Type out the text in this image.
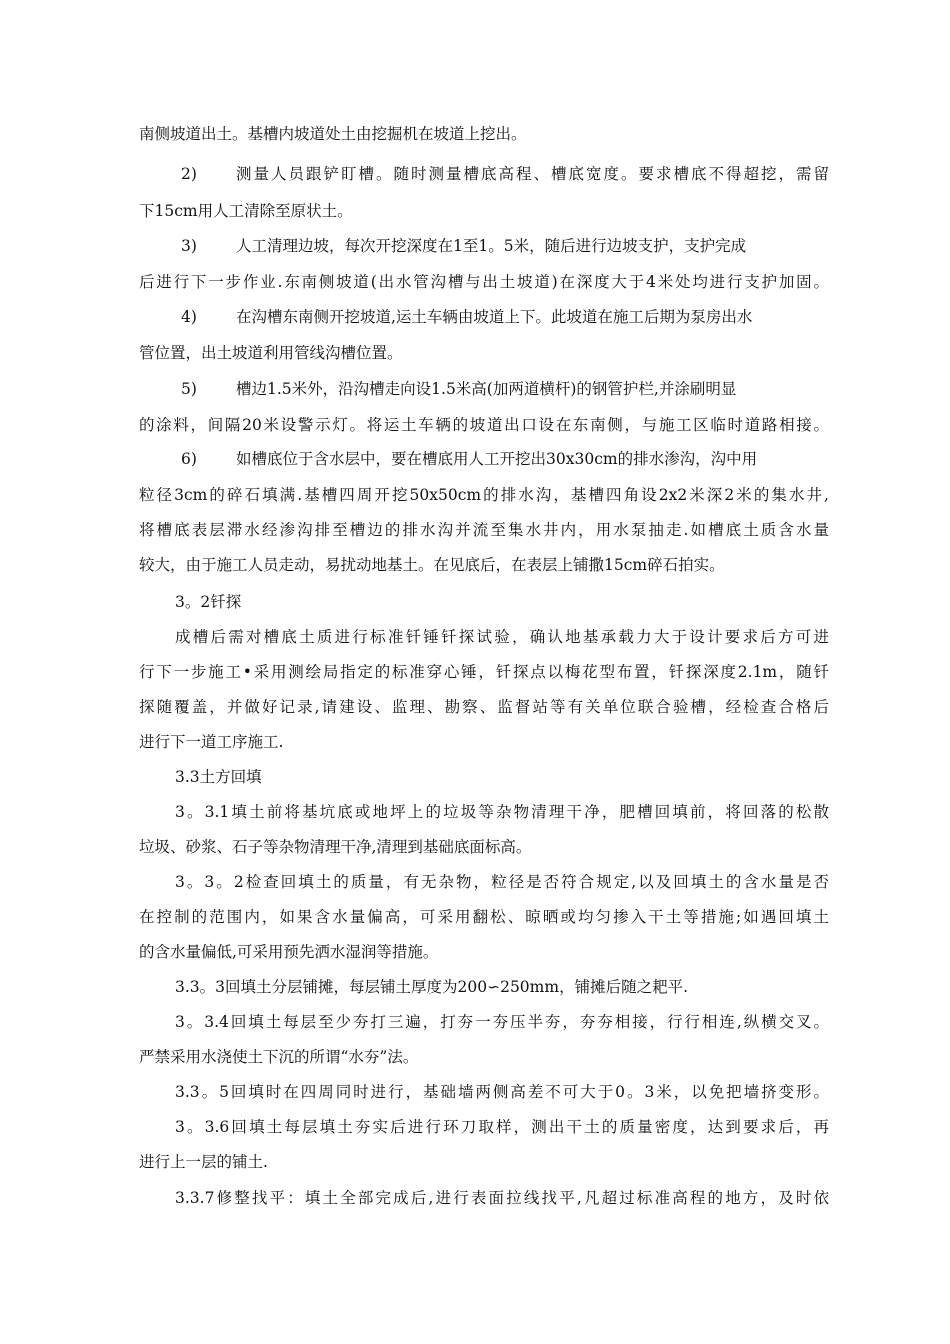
南侧坡道出土。基槽内坡道处土由挖掘机在坡道上挖出。
2)	测量人员跟铲盯槽。随时测量槽底高程、槽底宽度。要求槽底不得超挖，需留
下15cm用人工清除至原状土。
3)	人工清理边坡，每次开挖深度在1至1。5米，随后进行边坡支护，支护完成
后进行下一步作业.东南侧坡道(出水管沟槽与出土坡道)在深度大于4米处均进行支护加固。
4)	在沟槽东南侧开挖坡道,运土车辆由坡道上下。此坡道在施工后期为泵房出水
管位置，出土坡道利用管线沟槽位置。
5)	槽边1.5米外，沿沟槽走向设1.5米高(加两道横杆)的钢管护栏,并涂刷明显
的涂料，间隔20米设警示灯。将运土车辆的坡道出口设在东南侧，与施工区临时道路相接。
6)	如槽底位于含水层中，要在槽底用人工开挖出30x30cm的排水渗沟，沟中用
粒径3cm的碎石填满.基槽四周开挖50x50cm的排水沟，基槽四角设2x2米深2米的集水井,
将槽底表层滞水经渗沟排至槽边的排水沟并流至集水井内，用水泵抽走.如槽底土质含水量
较大，由于施工人员走动，易扰动地基土。在见底后，在表层上铺撒15cm碎石拍实。
3。2钎探
成槽后需对槽底土质进行标准钎锤钎探试验，确认地基承载力大于设计要求后方可进
行下一步施工•采用测绘局指定的标准穿心锤，钎探点以梅花型布置，钎探深度2.1m，随钎
探随覆盖，并做好记录,请建设、监理、勘察、监督站等有关单位联合验槽，经检查合格后
进行下一道工序施工.
3.3土方回填
3。3.1填土前将基坑底或地坪上的垃圾等杂物清理干净，肥槽回填前，将回落的松散
垃圾、砂浆、石子等杂物清理干净,清理到基础底面标高。
3。3。2检查回填土的质量，有无杂物，粒径是否符合规定,以及回填土的含水量是否
在控制的范围内，如果含水量偏高，可采用翻松、晾晒或均匀掺入干土等措施;如遇回填土
的含水量偏低,可采用预先洒水湿润等措施。
3.3。3回填土分层铺摊，每层铺土厚度为200∽250mm，铺摊后随之耙平.
3。3.4回填土每层至少夯打三遍，打夯一夯压半夯，夯夯相接，行行相连,纵横交叉。
严禁采用水浇使土下沉的所谓“水夯”法。
3.3。5回填时在四周同时进行，基础墙两侧高差不可大于0。3米，以免把墙挤变形。
3。3.6回填土每层填土夯实后进行环刀取样，测出干土的质量密度，达到要求后，再
进行上一层的铺土.
3.3.7修整找平：填土全部完成后,进行表面拉线找平,凡超过标准高程的地方，及时依
